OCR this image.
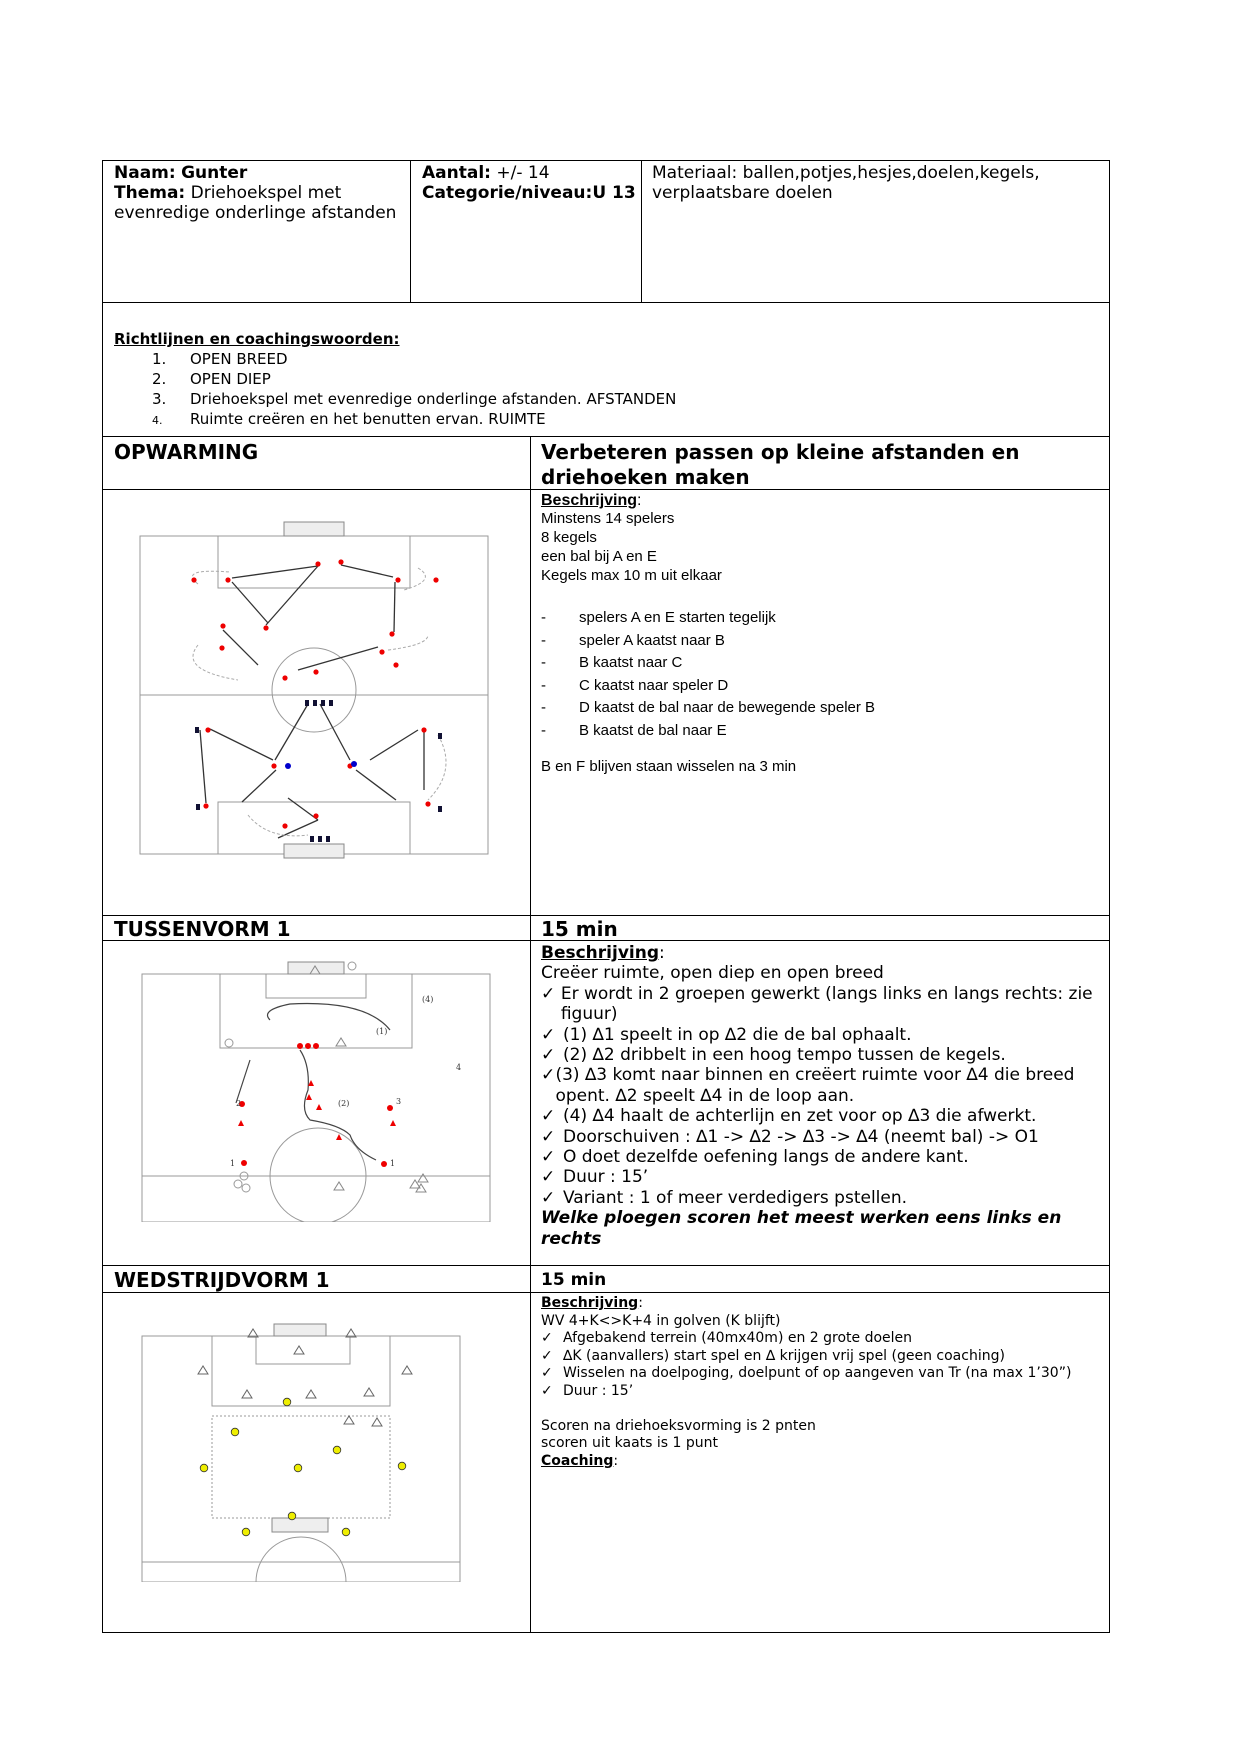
Naam: Gunter
Thema: Driehoekspel met evenredige onderlinge afstanden
Aantal: +/- 14
Categorie/niveau:U 13
Materiaal: ballen,potjes,hesjes,doelen,kegels, verplaatsbare doelen
Richtlijnen en coachingswoorden:
1. OPEN BREED
2. OPEN DIEP
3. Driehoekspel met evenredige onderlinge afstanden. AFSTANDEN
4. Ruimte creëren en het benutten ervan. RUIMTE
OPWARMING	Verbeteren passen op kleine afstanden en driehoeken maken
Beschrijving:
Minstens 14 spelers
8 kegels
een bal bij A en E
Kegels max 10 m uit elkaar
- spelers A en E starten tegelijk
- speler A kaatst naar B
- B kaatst naar C
- C kaatst naar speler D
- D kaatst de bal naar de bewegende speler B
- B kaatst de bal naar E
B en F blijven staan wisselen na 3 min
TUSSENVORM 1	15 min
2	3
1	1
(4)
(1)
(2)
4
Beschrijving:
Creëer ruimte, open diep en open breed
✓ Er wordt in 2 groepen gewerkt (langs links en langs rechts: zie figuur)
✓ (1) ∆1 speelt in op ∆2 die de bal ophaalt.
✓ (2) ∆2 dribbelt in een hoog tempo tussen de kegels.
✓ (3) ∆3 komt naar binnen en creëert ruimte voor ∆4 die breed opent. ∆2 speelt ∆4 in de loop aan.
✓ (4) ∆4 haalt de achterlijn en zet voor op ∆3 die afwerkt.
✓ Doorschuiven : ∆1 -> ∆2 -> ∆3 -> ∆4 (neemt bal) -> O1
✓ O doet dezelfde oefening langs de andere kant.
✓ Duur : 15’
✓ Variant : 1 of meer verdedigers pstellen.
Welke ploegen scoren het meest werken eens links en rechts
WEDSTRIJDVORM 1	15 min
Beschrijving:
WV 4+K<>K+4 in golven (K blijft)
✓ Afgebakend terrein (40mx40m) en 2 grote doelen
✓ ∆K (aanvallers) start spel en ∆ krijgen vrij spel (geen coaching)
✓ Wisselen na doelpoging, doelpunt of op aangeven van Tr (na max 1’30”)
✓ Duur : 15’
Scoren na driehoeksvorming is 2 pnten
scoren uit kaats is 1 punt
Coaching:
